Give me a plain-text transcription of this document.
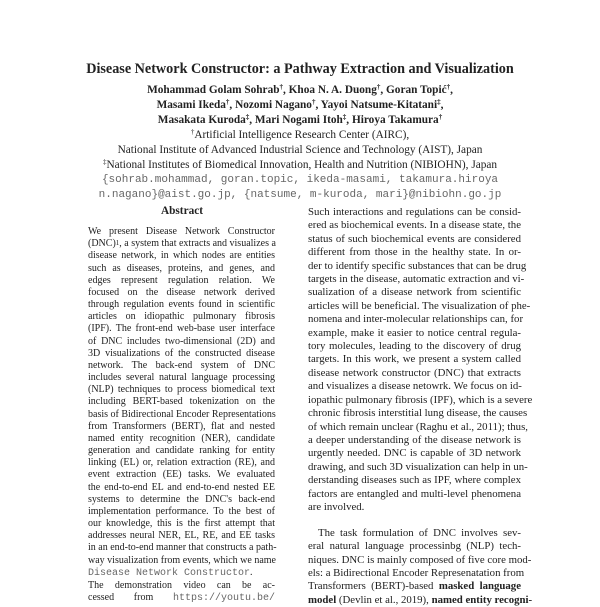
Disease Network Constructor: a Pathway Extraction and Visualization
Mohammad Golam Sohrab†, Khoa N. A. Duong†, Goran Topić†,
Masami Ikeda†, Nozomi Nagano†, Yayoi Natsume-Kitatani‡,
Masakata Kuroda‡, Mari Nogami Itoh‡, Hiroya Takamura†
†Artificial Intelligence Research Center (AIRC),
National Institute of Advanced Industrial Science and Technology (AIST), Japan
‡National Institutes of Biomedical Innovation, Health and Nutrition (NIBIOHN), Japan
{sohrab.mohammad, goran.topic, ikeda-masami, takamura.hiroya
n.nagano}@aist.go.jp, {natsume, m-kuroda, mari}@nibiohn.go.jp
Abstract
We present Disease Network Constructor
(DNC)$^1$, a system that extracts and visualizes a
disease network, in which nodes are entities
such as diseases, proteins, and genes, and
edges represent regulation relation. We
focused on the disease network derived
through regulation events found in scientific
articles on idiopathic pulmonary fibrosis
(IPF). The front-end web-base user interface
of DNC includes two-dimensional (2D) and
3D visualizations of the constructed disease
network. The back-end system of DNC
includes several natural language processing
(NLP) techniques to process biomedical text
including BERT-based tokenization on the
basis of Bidirectional Encoder Representations
from Transformers (BERT), flat and nested
named entity recognition (NER), candidate
generation and candidate ranking for entity
linking (EL) or, relation extraction (RE), and
event extraction (EE) tasks. We evaluated
the end-to-end EL and end-to-end nested EE
systems to determine the DNC's back-end
implementation performance. To the best of
our knowledge, this is the first attempt that
addresses neural NER, EL, RE, and EE tasks
in an end-to-end manner that constructs a path-
way visualization from events, which we name
Disease Network Constructor.
The demonstration video can be ac-
cessed from https://youtu.be/
Such interactions and regulations can be consid-
ered as biochemical events. In a disease state, the
status of such biochemical events are considered
different from those in the healthy state. In or-
der to identify specific substances that can be drug
targets in the disease, automatic extraction and vi-
sualization of a disease network from scientific
articles will be beneficial. The visualization of phe-
nomena and inter-molecular relationships can, for
example, make it easier to notice central regula-
tory molecules, leading to the discovery of drug
targets. In this work, we present a system called
disease network constructor (DNC) that extracts
and visualizes a disease netowrk. We focus on id-
iopathic pulmonary fibrosis (IPF), which is a severe
chronic fibrosis interstitial lung disease, the causes
of which remain unclear (Raghu et al., 2011); thus,
a deeper understanding of the disease network is
urgently needed. DNC is capable of 3D network
drawing, and such 3D visualization can help in un-
derstanding diseases such as IPF, where complex
factors are entangled and multi-level phenomena
are involved.
The task formulation of DNC involves sev-
eral natural language processinbg (NLP) tech-
niques. DNC is mainly composed of five core mod-
els: a Bidirectional Encoder Represenatation from
Transformers (BERT)-based masked language
model (Devlin et al., 2019), named entity recogni-
